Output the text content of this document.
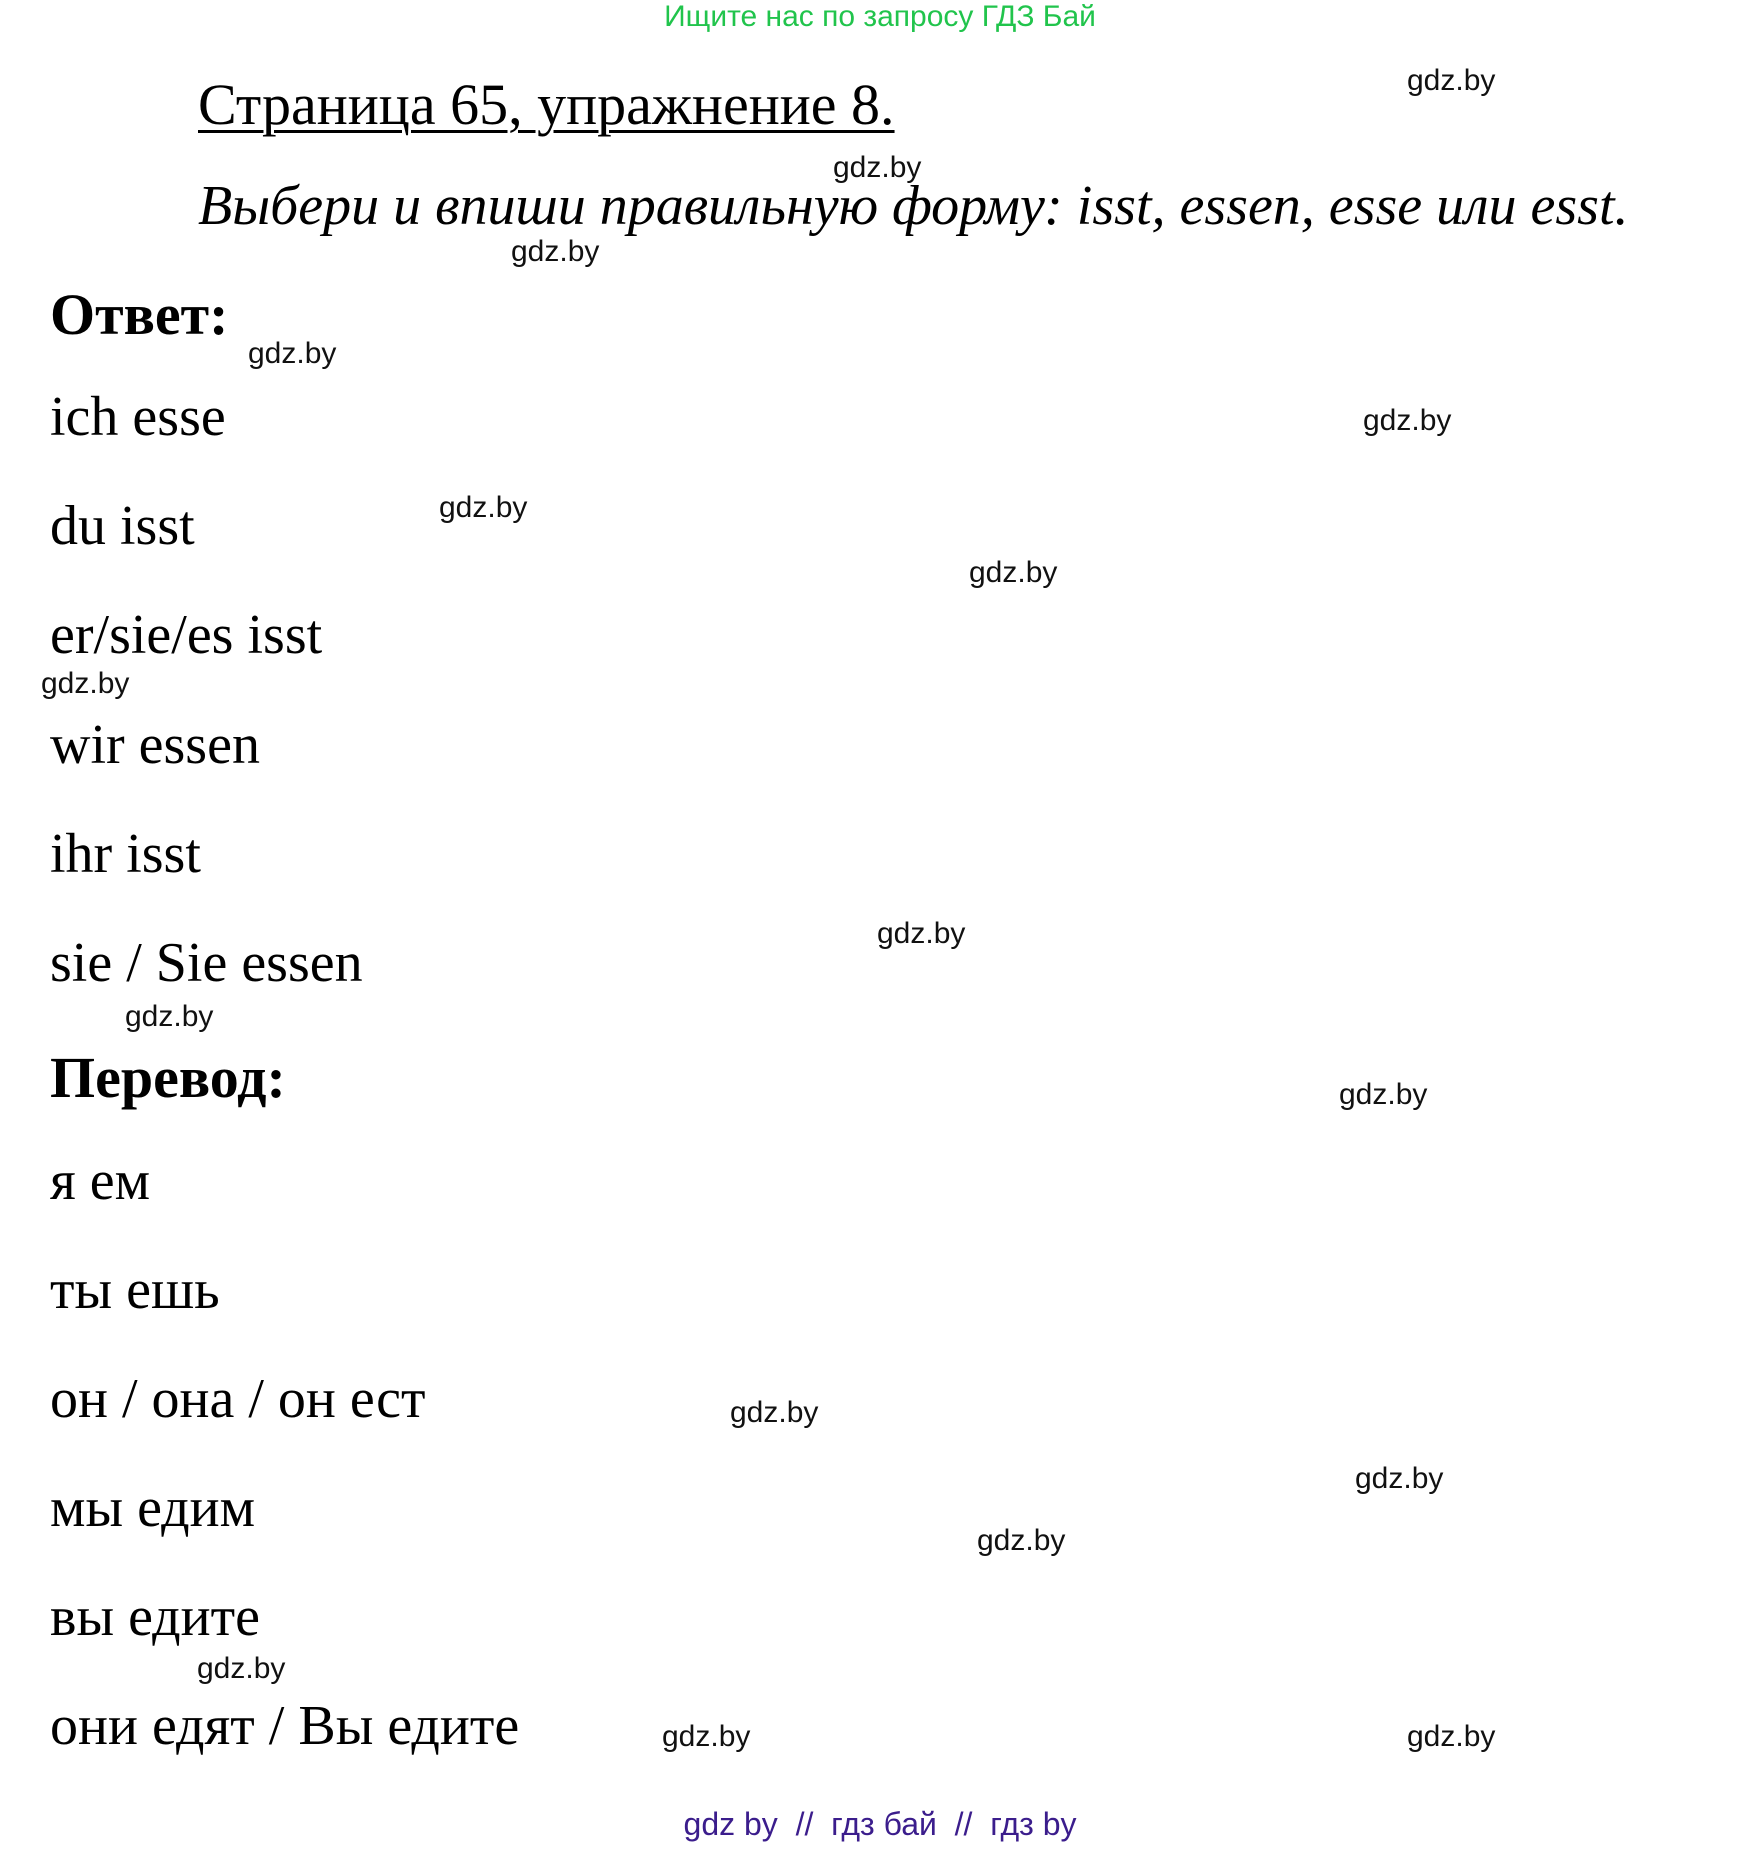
Ищите нас по запросу ГДЗ Бай
Страница 65, упражнение 8.
Выбери и впиши правильную форму: isst, essen, esse или esst.
Ответ:
ich esse
du isst
er/sie/es isst
wir essen
ihr isst
sie / Sie essen
Перевод:
я ем
ты ешь
он / она / он ест
мы едим
вы едите
они едят / Вы едите
gdz.by
gdz.by
gdz.by
gdz.by
gdz.by
gdz.by
gdz.by
gdz.by
gdz.by
gdz.by
gdz.by
gdz.by
gdz.by
gdz.by
gdz.by
gdz.by
gdz by  //  гдз бай  //  гдз by
gdz.by
